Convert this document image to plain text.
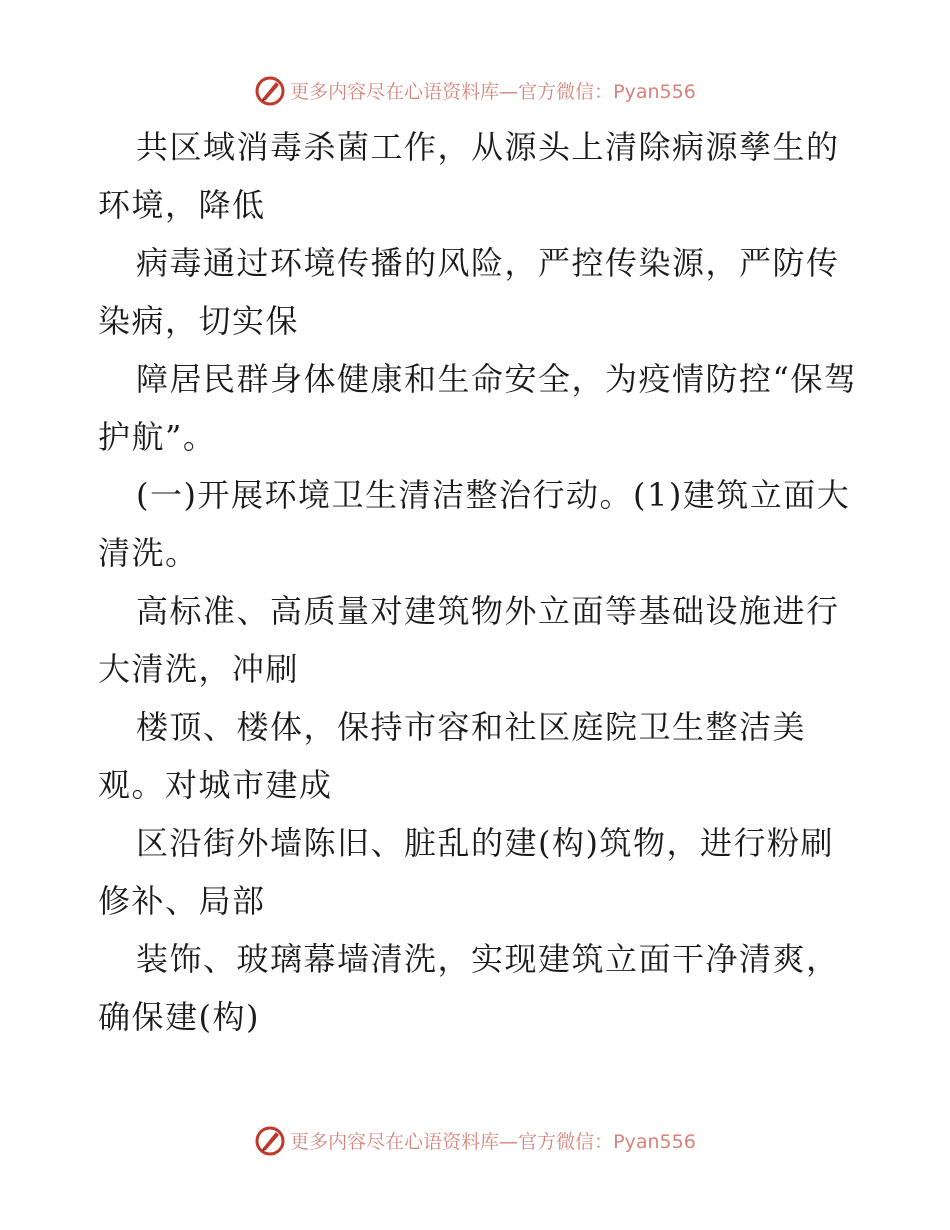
更多内容尽在心语资料库—官方微信：Pyan556

共区域消毒杀菌工作，从源头上清除病源孳生的环境，降低

病毒通过环境传播的风险，严控传染源，严防传染病，切实保

障居民群身体健康和生命安全，为疫情防控“保驾护航”。

(一)开展环境卫生清洁整治行动。(1)建筑立面大清洗。

高标准、高质量对建筑物外立面等基础设施进行大清洗，冲刷

楼顶、楼体，保持市容和社区庭院卫生整洁美观。对城市建成

区沿街外墙陈旧、脏乱的建(构)筑物，进行粉刷修补、局部

装饰、玻璃幕墙清洗，实现建筑立面干净清爽，确保建(构)

更多内容尽在心语资料库—官方微信：Pyan556
